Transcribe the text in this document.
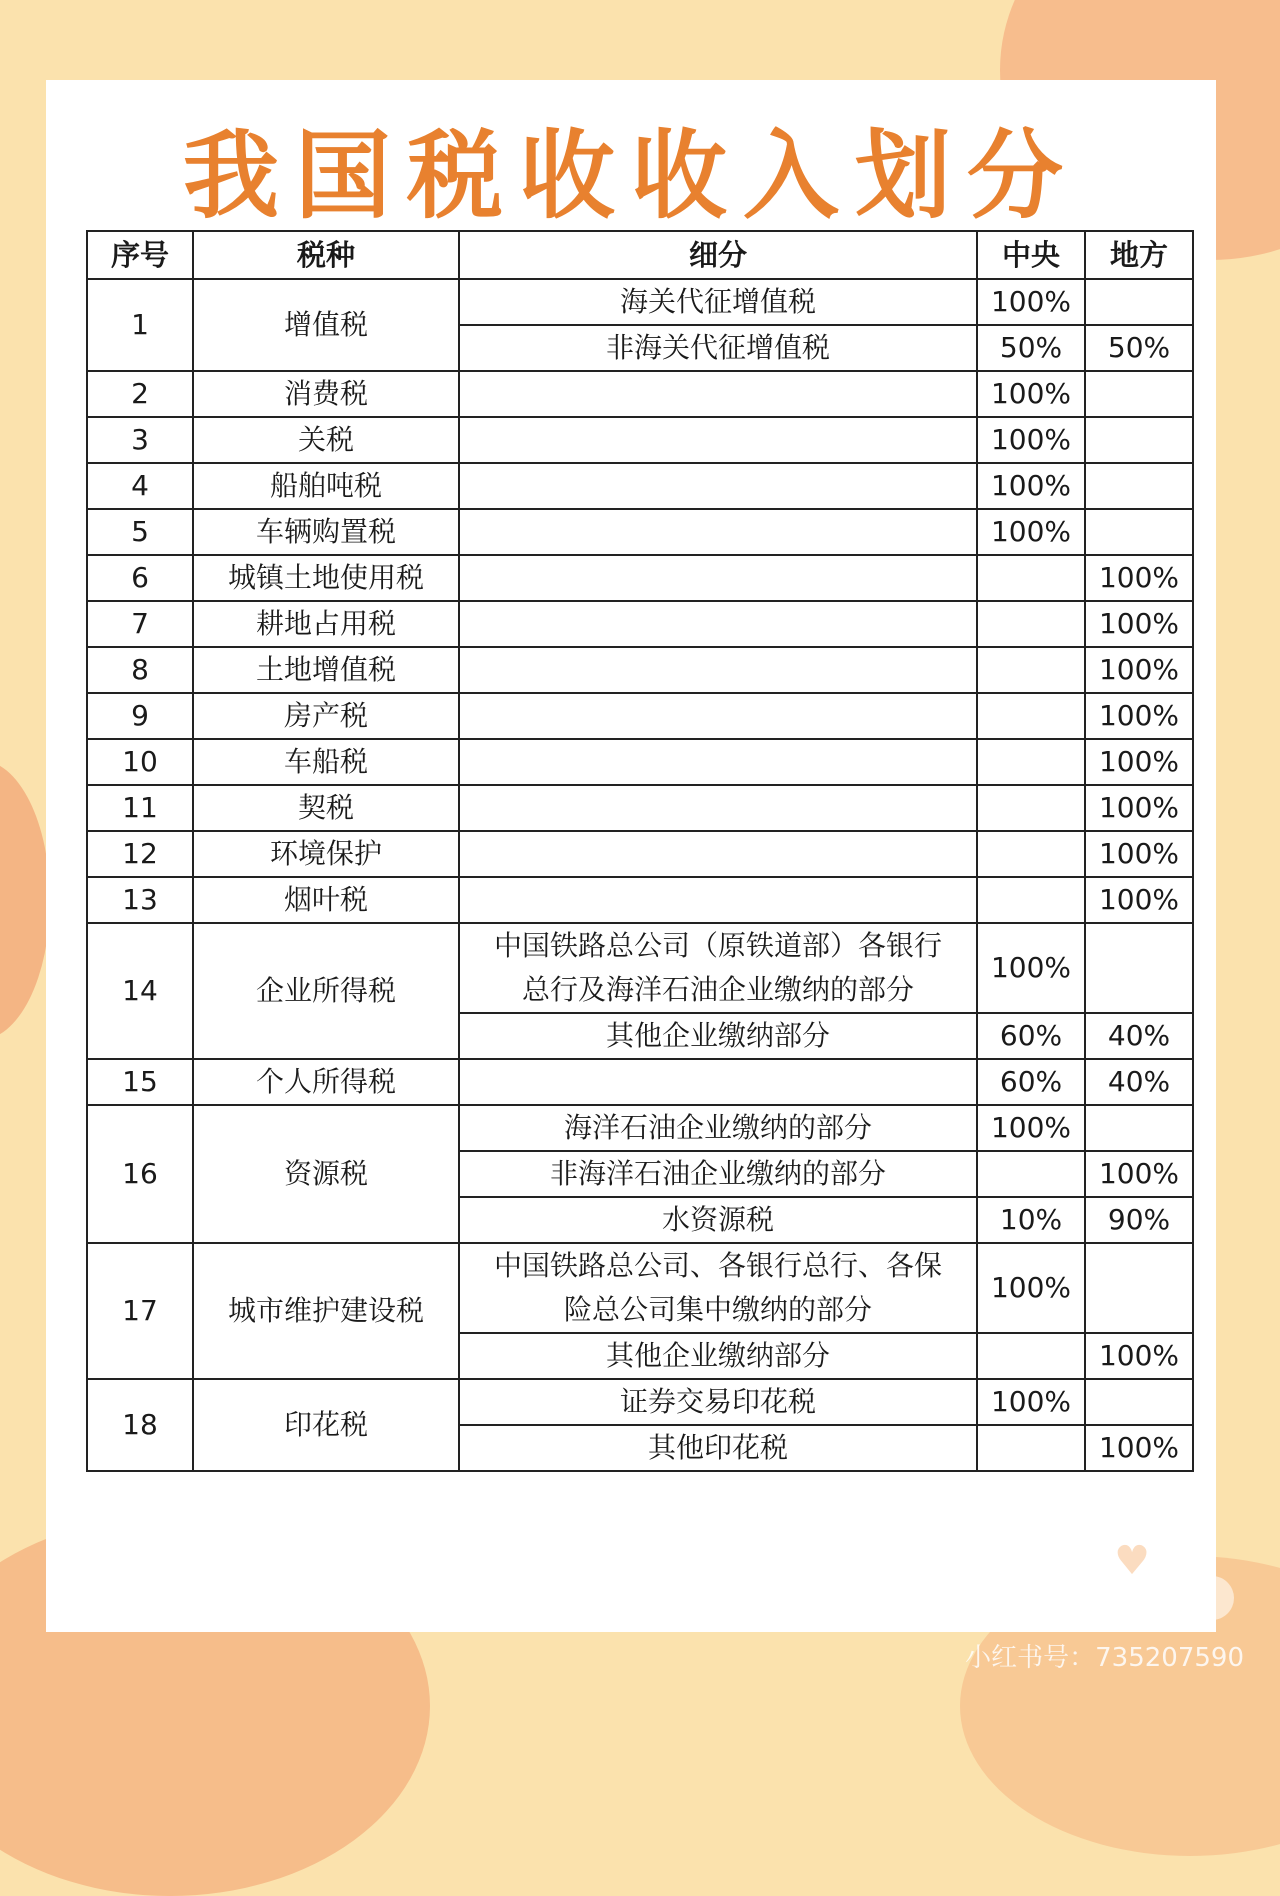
我国税收收入划分
序号	税种	细分	中央	地方
1	增值税	海关代征增值税	100%	
		非海关代征增值税	50%	50%
2	消费税		100%	
3	关税		100%	
4	船舶吨税		100%	
5	车辆购置税		100%	
6	城镇土地使用税			100%
7	耕地占用税			100%
8	土地增值税			100%
9	房产税			100%
10	车船税			100%
11	契税			100%
12	环境保护			100%
13	烟叶税			100%
14	企业所得税	中国铁路总公司（原铁道部）各银行总行及海洋石油企业缴纳的部分	100%	
		其他企业缴纳部分	60%	40%
15	个人所得税		60%	40%
16	资源税	海洋石油企业缴纳的部分	100%	
		非海洋石油企业缴纳的部分		100%
		水资源税	10%	90%
17	城市维护建设税	中国铁路总公司、各银行总行、各保险总公司集中缴纳的部分	100%	
		其他企业缴纳部分		100%
18	印花税	证券交易印花税	100%	
		其他印花税		100%
♥
小红书号：735207590
